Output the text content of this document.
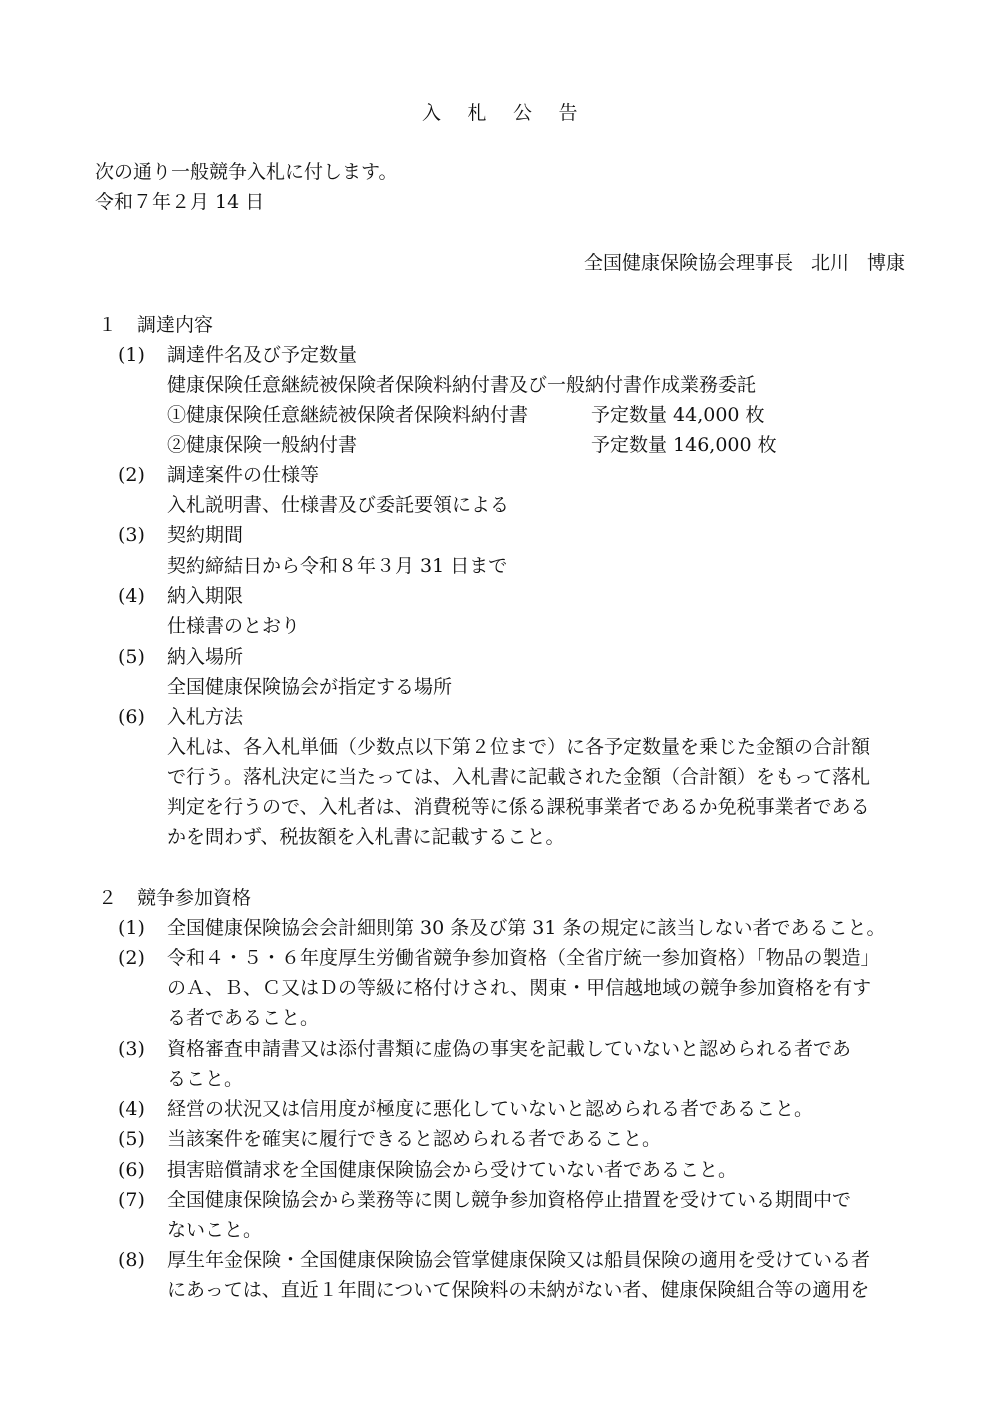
入 札 公 告
次の通り一般競争入札に付します。
令和７年２月 14 日
全国健康保険協会理事長 北川 博康
１ 調達内容
(1) 調達件名及び予定数量
健康保険任意継続被保険者保険料納付書及び一般納付書作成業務委託
①健康保険任意継続被保険者保険料納付書	予定数量 44,000 枚
②健康保険一般納付書	予定数量 146,000 枚
(2) 調達案件の仕様等
入札説明書、仕様書及び委託要領による
(3) 契約期間
契約締結日から令和８年３月 31 日まで
(4) 納入期限
仕様書のとおり
(5) 納入場所
全国健康保険協会が指定する場所
(6) 入札方法
入札は、各入札単価（少数点以下第２位まで）に各予定数量を乗じた金額の合計額
で行う。落札決定に当たっては、入札書に記載された金額（合計額）をもって落札
判定を行うので、入札者は、消費税等に係る課税事業者であるか免税事業者である
かを問わず、税抜額を入札書に記載すること。
２ 競争参加資格
(1) 全国健康保険協会会計細則第 30 条及び第 31 条の規定に該当しない者であること。
(2) 令和４・５・６年度厚生労働省競争参加資格（全省庁統一参加資格）「物品の製造」
のＡ、Ｂ、Ｃ又はＤの等級に格付けされ、関東・甲信越地域の競争参加資格を有す
る者であること。
(3) 資格審査申請書又は添付書類に虚偽の事実を記載していないと認められる者であ
ること。
(4) 経営の状況又は信用度が極度に悪化していないと認められる者であること。
(5) 当該案件を確実に履行できると認められる者であること。
(6) 損害賠償請求を全国健康保険協会から受けていない者であること。
(7) 全国健康保険協会から業務等に関し競争参加資格停止措置を受けている期間中で
ないこと。
(8) 厚生年金保険・全国健康保険協会管掌健康保険又は船員保険の適用を受けている者
にあっては、直近１年間について保険料の未納がない者、健康保険組合等の適用を
